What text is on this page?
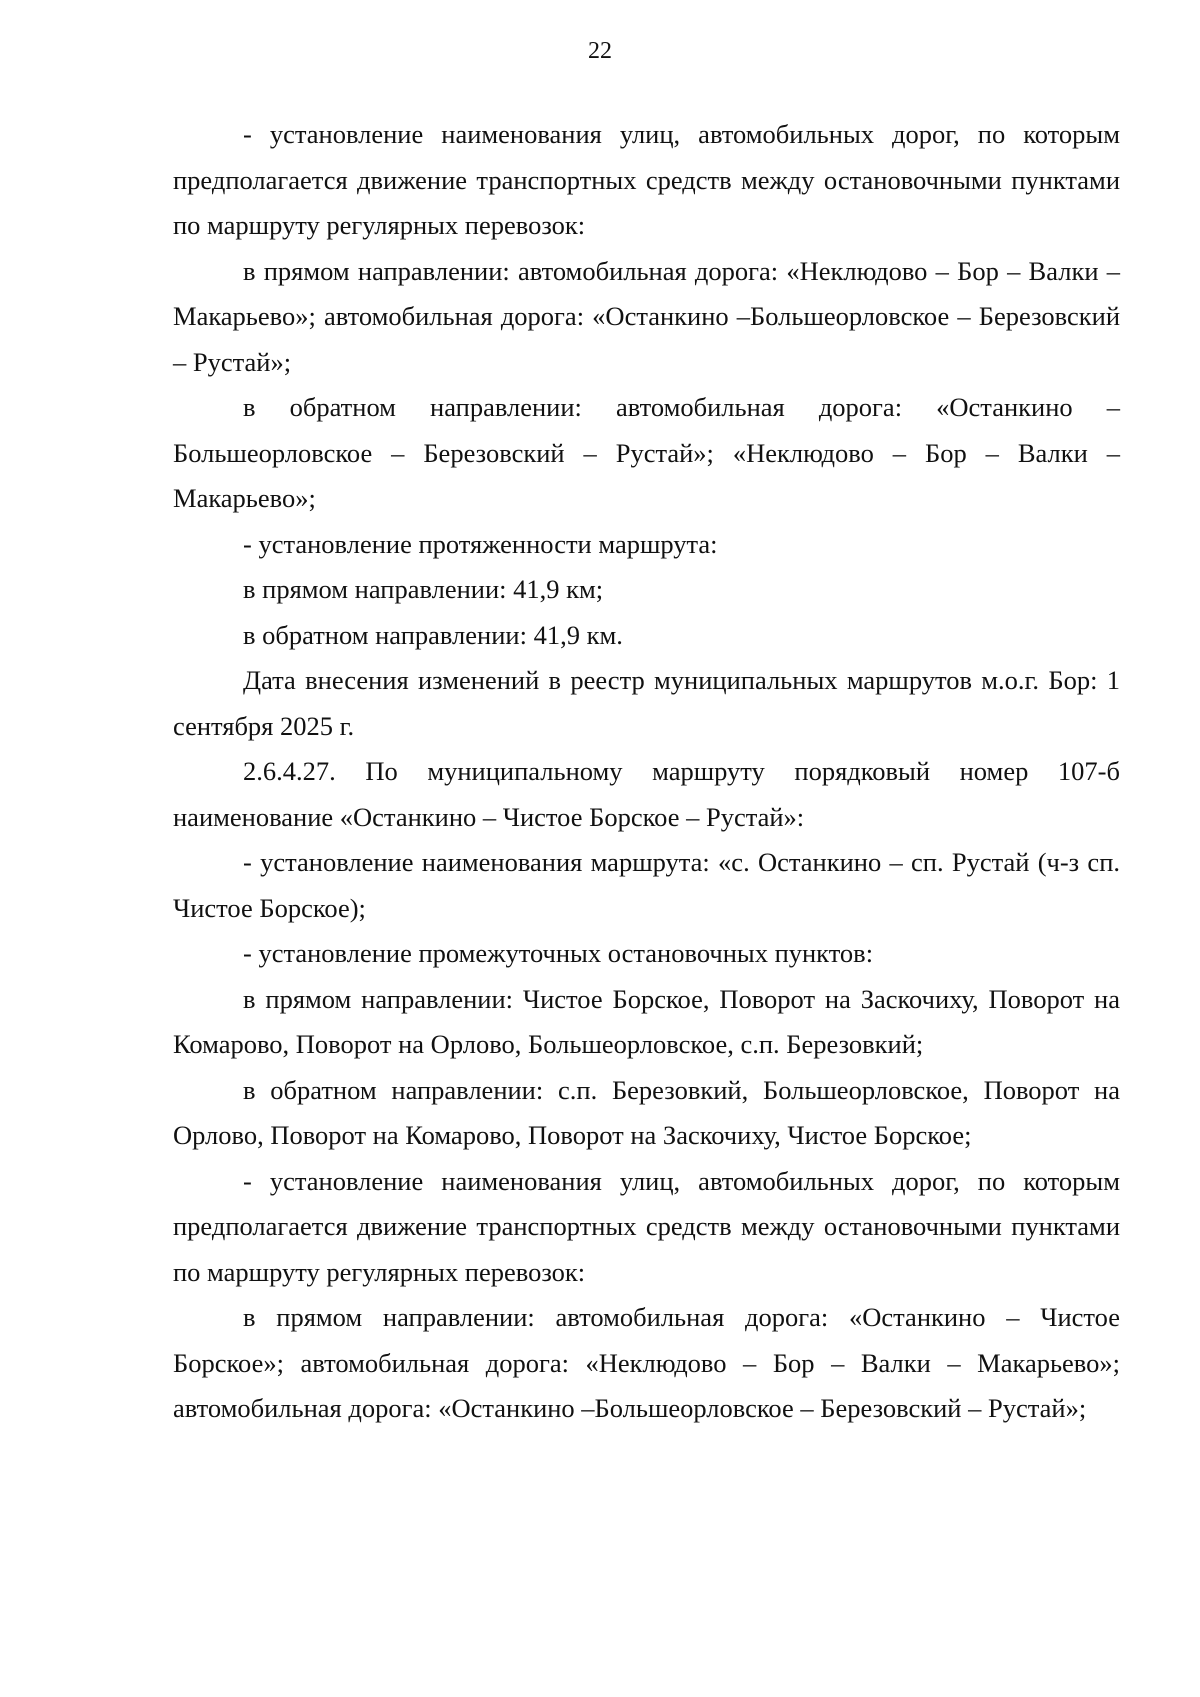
22

- установление наименования улиц, автомобильных дорог, по которым предполагается движение транспортных средств между остановочными пунктами по маршруту регулярных перевозок:

в прямом направлении: автомобильная дорога: «Неклюдово – Бор – Валки – Макарьево»; автомобильная дорога: «Останкино –Большеорловское – Березовский – Рустай»;

в обратном направлении: автомобильная дорога: «Останкино –Большеорловское – Березовский – Рустай»; «Неклюдово – Бор – Валки – Макарьево»;

- установление протяженности маршрута:

в прямом направлении: 41,9 км;

в обратном направлении: 41,9 км.

Дата внесения изменений в реестр муниципальных маршрутов м.о.г. Бор: 1 сентября 2025 г.

2.6.4.27. По муниципальному маршруту порядковый номер 107-б наименование «Останкино – Чистое Борское – Рустай»:

- установление наименования маршрута: «с. Останкино – сп. Рустай (ч-з сп. Чистое Борское);

- установление промежуточных остановочных пунктов:

в прямом направлении: Чистое Борское, Поворот на Заскочиху, Поворот на Комарово, Поворот на Орлово, Большеорловское, с.п. Березовкий;

в обратном направлении: с.п. Березовкий, Большеорловское, Поворот на Орлово, Поворот на Комарово, Поворот на Заскочиху, Чистое Борское;

- установление наименования улиц, автомобильных дорог, по которым предполагается движение транспортных средств между остановочными пунктами по маршруту регулярных перевозок:

в прямом направлении: автомобильная дорога: «Останкино – Чистое Борское»; автомобильная дорога: «Неклюдово – Бор – Валки – Макарьево»; автомобильная дорога: «Останкино –Большеорловское – Березовский – Рустай»;
